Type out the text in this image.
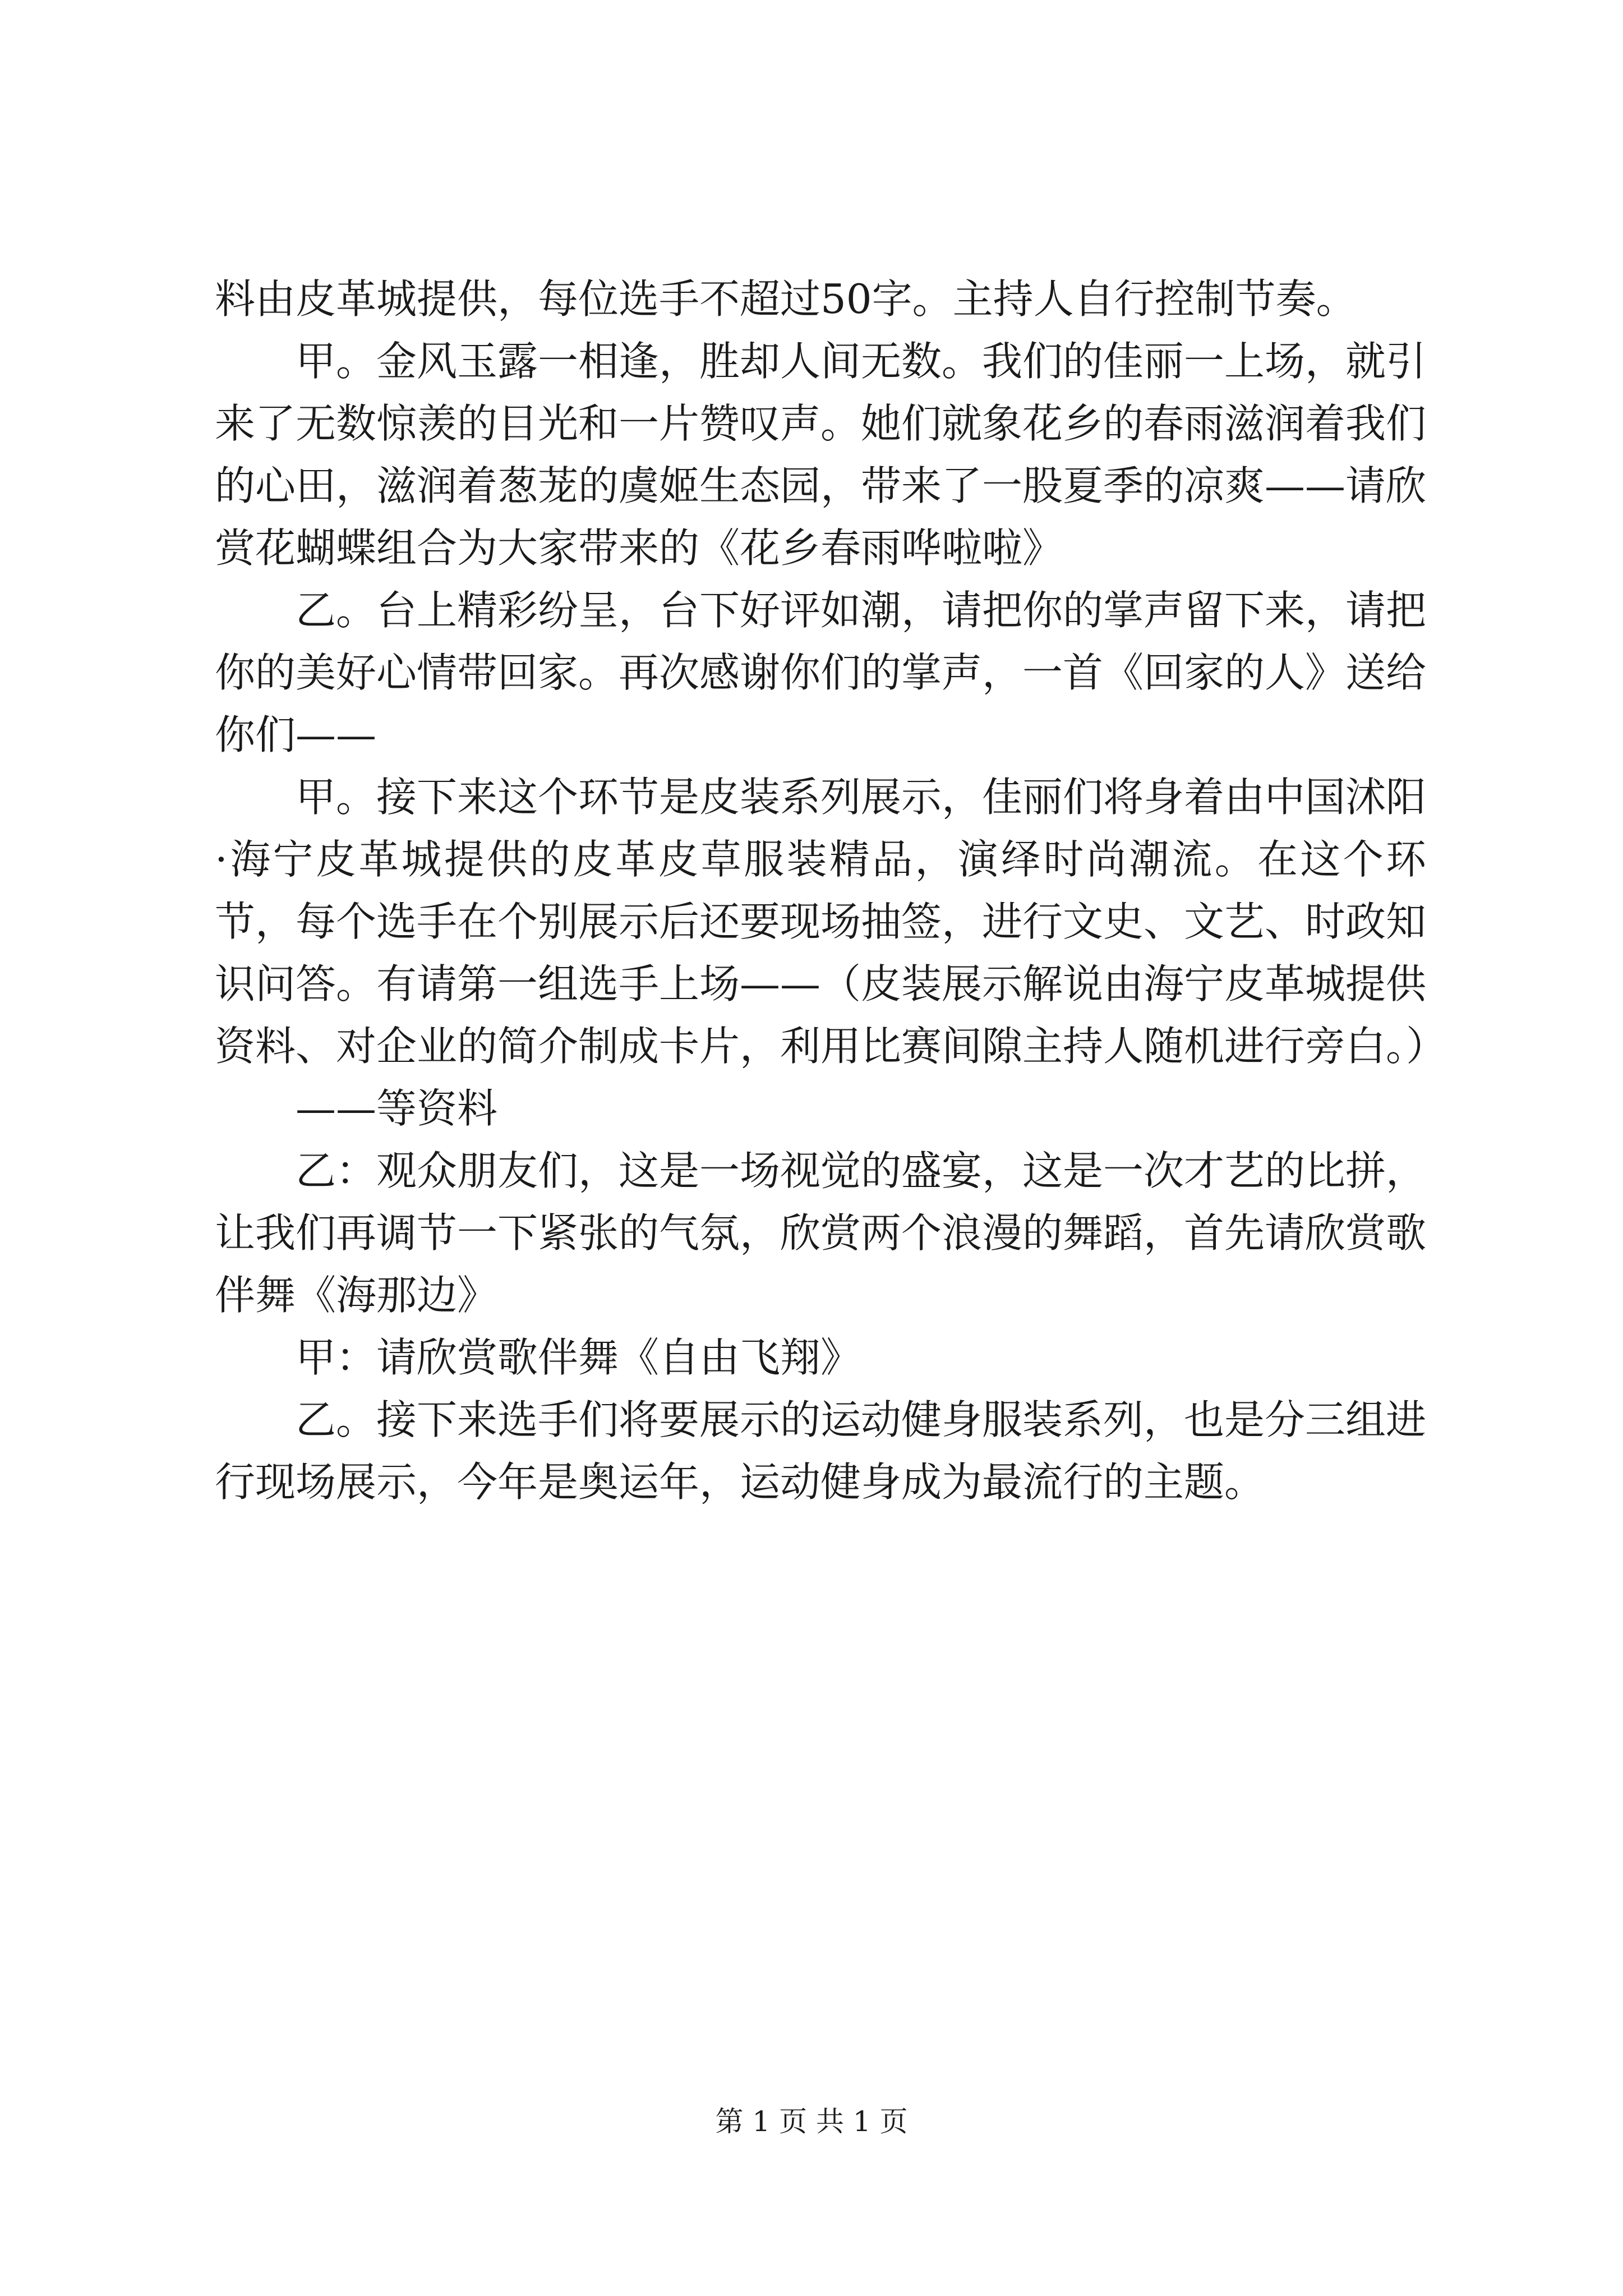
料由皮革城提供，每位选手不超过50字。主持人自行控制节奏。

甲。金风玉露一相逢，胜却人间无数。我们的佳丽一上场，就引来了无数惊羡的目光和一片赞叹声。她们就象花乡的春雨滋润着我们的心田，滋润着葱茏的虞姬生态园，带来了一股夏季的凉爽——请欣赏花蝴蝶组合为大家带来的《花乡春雨哗啦啦》

乙。台上精彩纷呈，台下好评如潮，请把你的掌声留下来，请把你的美好心情带回家。再次感谢你们的掌声，一首《回家的人》送给你们——

甲。接下来这个环节是皮装系列展示，佳丽们将身着由中国沭阳·海宁皮革城提供的皮革皮草服装精品，演绎时尚潮流。在这个环节，每个选手在个别展示后还要现场抽签，进行文史、文艺、时政知识问答。有请第一组选手上场——（皮装展示解说由海宁皮革城提供资料、对企业的简介制成卡片，利用比赛间隙主持人随机进行旁白。）

——等资料

乙：观众朋友们，这是一场视觉的盛宴，这是一次才艺的比拼，让我们再调节一下紧张的气氛，欣赏两个浪漫的舞蹈，首先请欣赏歌伴舞《海那边》

甲：请欣赏歌伴舞《自由飞翔》

乙。接下来选手们将要展示的运动健身服装系列，也是分三组进行现场展示，今年是奥运年，运动健身成为最流行的主题。

第 1 页 共 1 页
